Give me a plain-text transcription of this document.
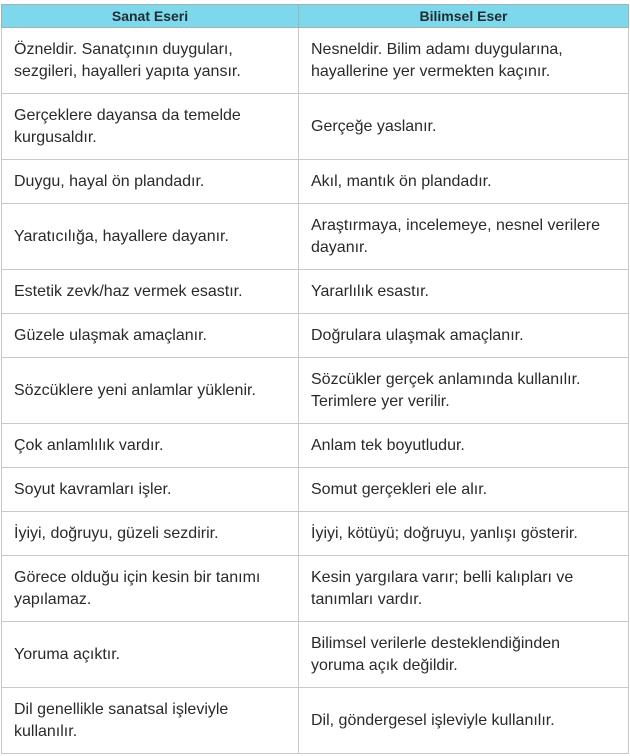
Sanat Eseri	Bilimsel Eser
Özneldir. Sanatçının duyguları, sezgileri, hayalleri yapıta yansır.	Nesneldir. Bilim adamı duygularına, hayallerine yer vermekten kaçınır.
Gerçeklere dayansa da temelde kurgusaldır.	Gerçeğe yaslanır.
Duygu, hayal ön plandadır.	Akıl, mantık ön plandadır.
Yaratıcılığa, hayallere dayanır.	Araştırmaya, incelemeye, nesnel verilere dayanır.
Estetik zevk/haz vermek esastır.	Yararlılık esastır.
Güzele ulaşmak amaçlanır.	Doğrulara ulaşmak amaçlanır.
Sözcüklere yeni anlamlar yüklenir.	Sözcükler gerçek anlamında kullanılır. Terimlere yer verilir.
Çok anlamlılık vardır.	Anlam tek boyutludur.
Soyut kavramları işler.	Somut gerçekleri ele alır.
İyiyi, doğruyu, güzeli sezdirir.	İyiyi, kötüyü; doğruyu, yanlışı gösterir.
Görece olduğu için kesin bir tanımı yapılamaz.	Kesin yargılara varır; belli kalıpları ve tanımları vardır.
Yoruma açıktır.	Bilimsel verilerle desteklendiğinden yoruma açık değildir.
Dil genellikle sanatsal işleviyle kullanılır.	Dil, göndergesel işleviyle kullanılır.
